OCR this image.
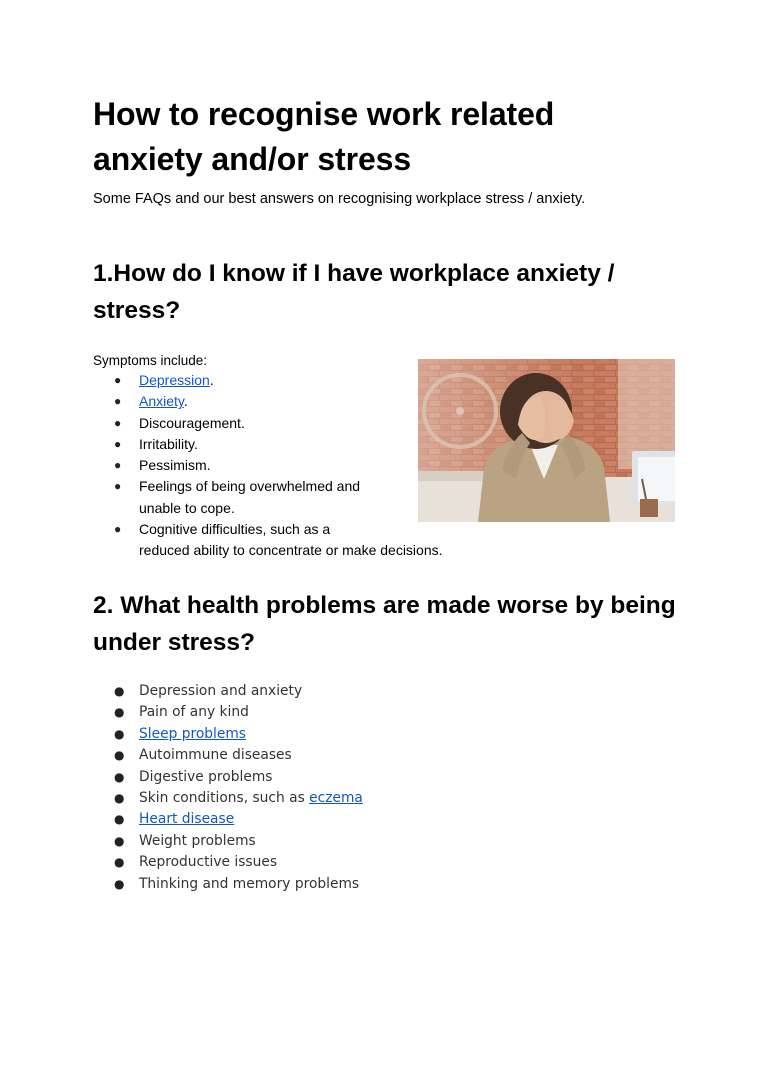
How to recognise work related anxiety and/or stress

Some FAQs and our best answers on recognising workplace stress / anxiety.

1.How do I know if I have workplace anxiety / stress?

Symptoms include:

● Depression.
● Anxiety.
● Discouragement.
● Irritability.
● Pessimism.
● Feelings of being overwhelmed and
unable to cope.
● Cognitive difficulties, such as a
reduced ability to concentrate or make decisions.
2. What health problems are made worse by being under stress?
● Depression and anxiety
● Pain of any kind
● Sleep problems
● Autoimmune diseases
● Digestive problems
● Skin conditions, such as eczema
● Heart disease
● Weight problems
● Reproductive issues
● Thinking and memory problems
